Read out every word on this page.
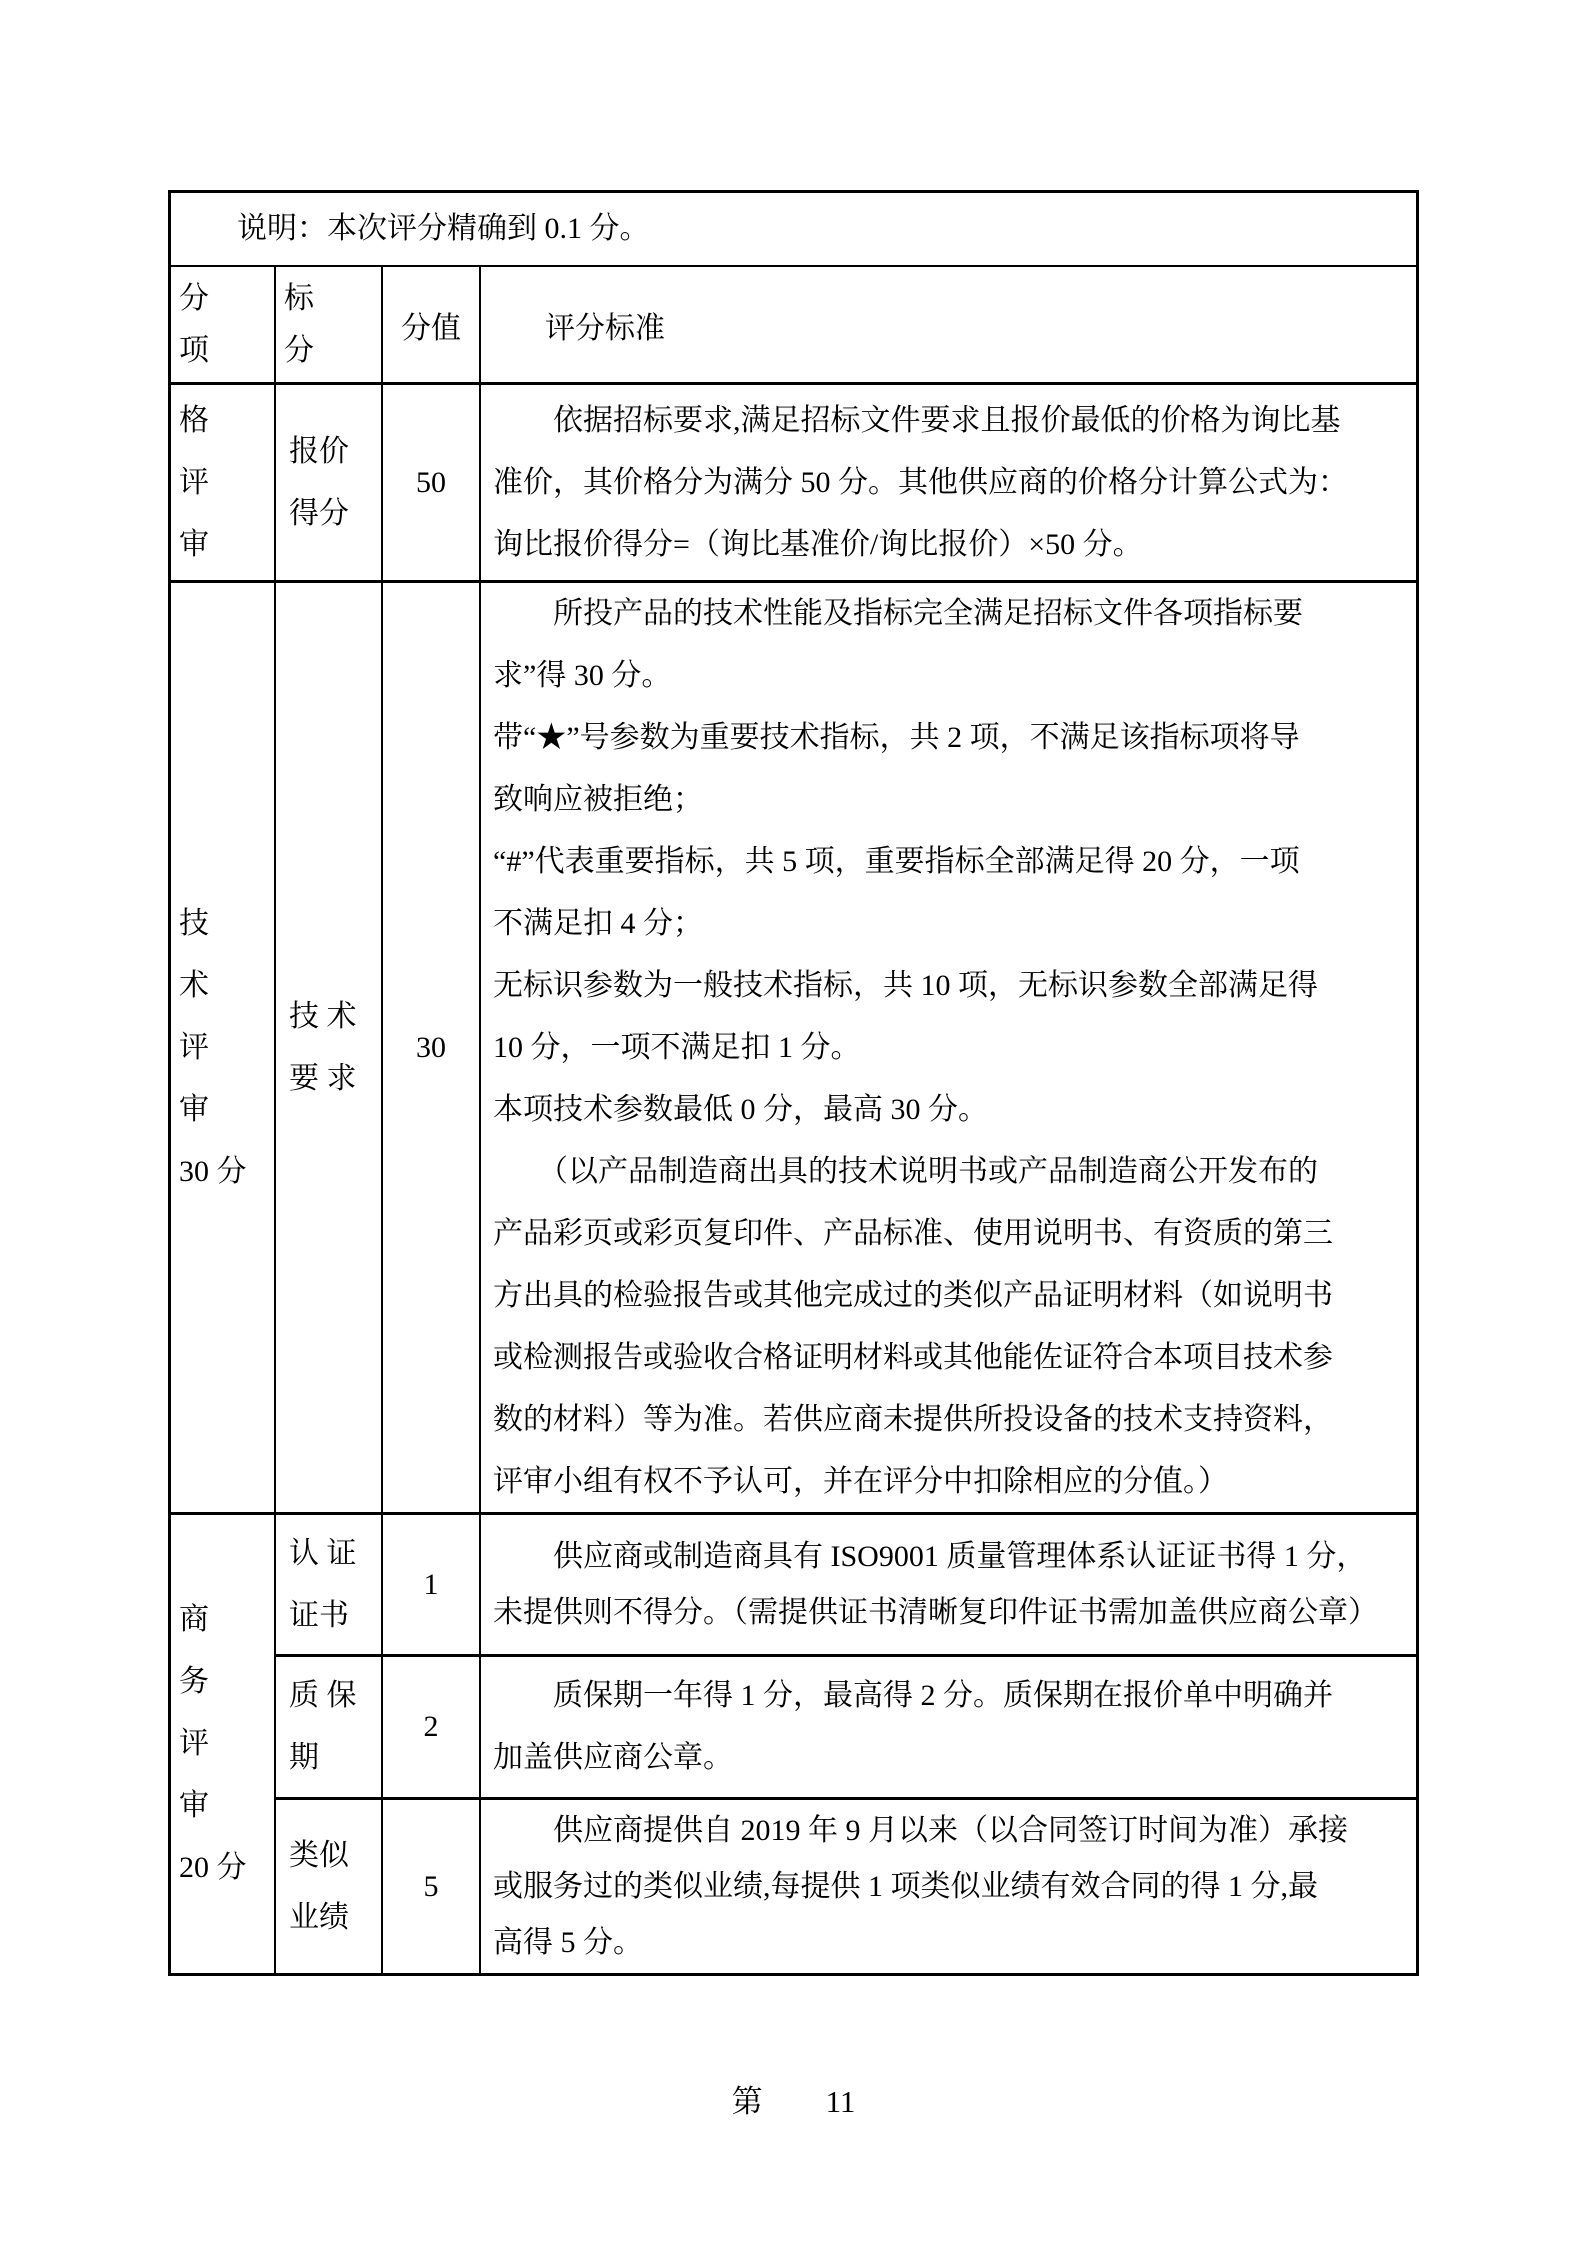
说明：本次评分精确到 0.1 分。
　分
项　
　标
分　
分值	评分标准
　格
评　审

报价
得分
50
　　依据招标要求,满足招标文件要求且报价最低的价格为询比基
准价，其价格分为满分 50 分。其他供应商的价格分计算公式为：
询比报价得分=（询比基准价/询比报价）×50 分。
技　术
评　审
30 分
技 术
要 求
30
　　所投产品的技术性能及指标完全满足招标文件各项指标要
求”得 30 分。
带“★”号参数为重要技术指标，共 2 项，不满足该指标项将导
致响应被拒绝；
“#”代表重要指标，共 5 项，重要指标全部满足得 20 分，一项
不满足扣 4 分；
无标识参数为一般技术指标，共 10 项，无标识参数全部满足得
10 分，一项不满足扣 1 分。
本项技术参数最低 0 分，最高 30 分。
　　（以产品制造商出具的技术说明书或产品制造商公开发布的
产品彩页或彩页复印件、产品标准、使用说明书、有资质的第三
方出具的检验报告或其他完成过的类似产品证明材料（如说明书
或检测报告或验收合格证明材料或其他能佐证符合本项目技术参
数的材料）等为准。若供应商未提供所投设备的技术支持资料，
评审小组有权不予认可，并在评分中扣除相应的分值。）
商　务
评　审
20 分
认 证
证书
1
　　供应商或制造商具有 ISO9001 质量管理体系认证证书得 1 分，
未提供则不得分。（需提供证书清晰复印件证书需加盖供应商公章）
质 保
期
2
　　质保期一年得 1 分，最高得 2 分。质保期在报价单中明确并
加盖供应商公章。
类似
业绩
5
　　供应商提供自 2019 年 9 月以来（以合同签订时间为准）承接
或服务过的类似业绩,每提供 1 项类似业绩有效合同的得 1 分,最
高得 5 分。
第 11
